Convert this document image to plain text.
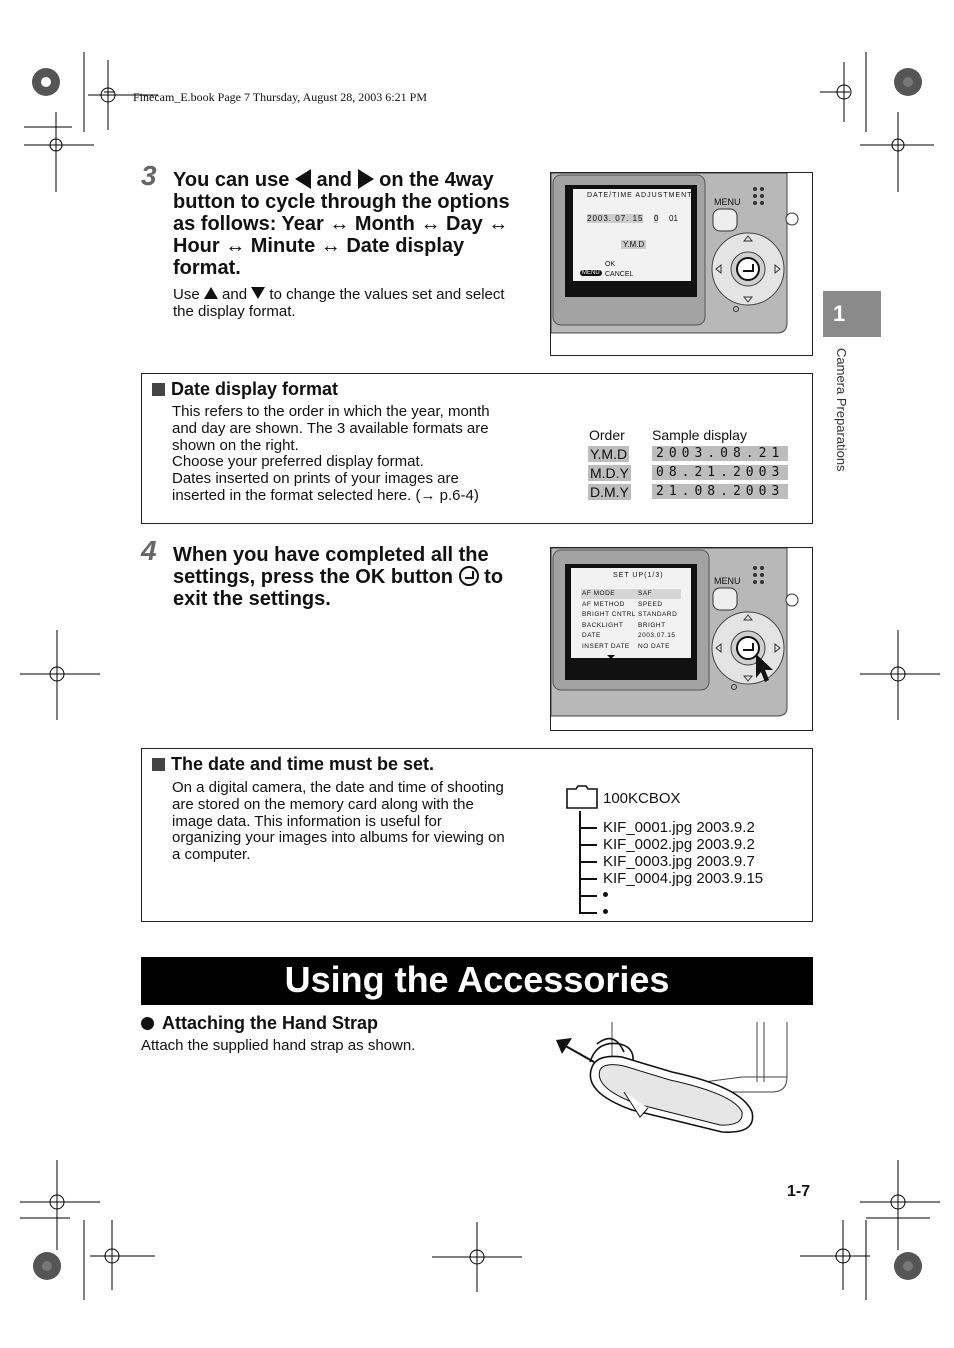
Finecam_E.book Page 7 Thursday, August 28, 2003 6:21 PM
1
Camera Preparations
3 You can use and on the 4way
button to cycle through the options
as follows: Year ↔ Month ↔ Day ↔
Hour ↔ Minute ↔ Date display
format.
Use and to change the values set and select
the display format.
DATE/TIME ADJUSTMENT
2003. 07. 15 0 01
Y.M.D
OK
MENU CANCEL
MENU
Date display format
This refers to the order in which the year, month
and day are shown. The 3 available formats are
shown on the right.
Choose your preferred display format.
Dates inserted on prints of your images are
inserted in the format selected here. (→ p.6-4)
Order Sample display
Y.M.D	2003.08.21
M.D.Y	08.21.2003
D.M.Y	21.08.2003
4 When you have completed all the
settings, press the OK button to
exit the settings.
SET UP(1/3)
AF MODE	SAF
AF METHOD SPEED
BRIGHT CNTRL STANDARD
BACKLIGHT BRIGHT
DATE	2003.07.15
INSERT DATE NO DATE
MENU
The date and time must be set.
On a digital camera, the date and time of shooting
are stored on the memory card along with the
image data. This information is useful for
organizing your images into albums for viewing on
a computer.
100KCBOX
KIF_0001.jpg 2003.9.2
KIF_0002.jpg 2003.9.2
KIF_0003.jpg 2003.9.7
KIF_0004.jpg 2003.9.15
Using the Accessories
Attaching the Hand Strap
Attach the supplied hand strap as shown.
1-7
